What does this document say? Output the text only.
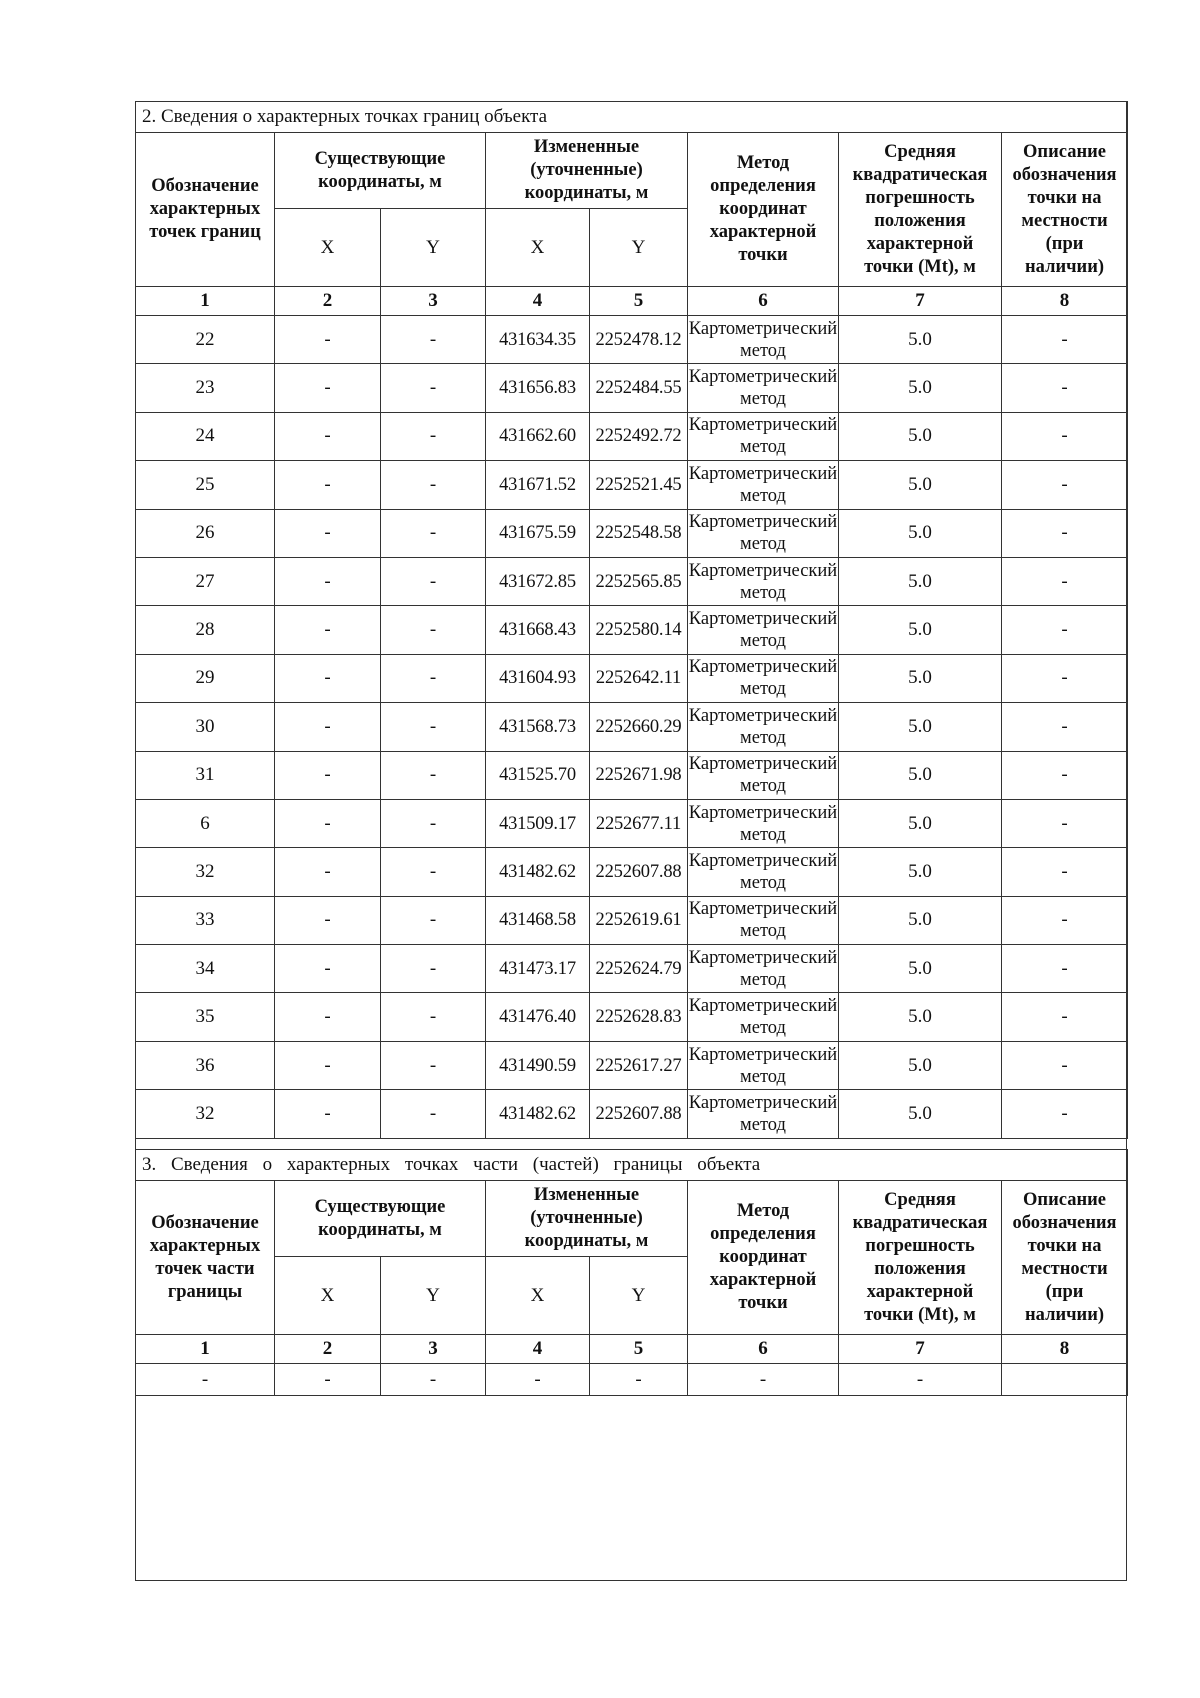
2. Сведения о характерных точках границ объекта							
Обозначение характерных точек границ	Существующие координаты, м		Измененные (уточненные) координаты, м		Метод определения координат характерной точки	Средняя квадратическая погрешность положения характерной точки (Mt), м	Описание обозначения точки на местности (при наличии)
	X	Y	X	Y			
1	2	3	4	5	6	7	8
22	-	-	431634.35	2252478.12	Картометрический метод	5.0	-
23	-	-	431656.83	2252484.55	Картометрический метод	5.0	-
24	-	-	431662.60	2252492.72	Картометрический метод	5.0	-
25	-	-	431671.52	2252521.45	Картометрический метод	5.0	-
26	-	-	431675.59	2252548.58	Картометрический метод	5.0	-
27	-	-	431672.85	2252565.85	Картометрический метод	5.0	-
28	-	-	431668.43	2252580.14	Картометрический метод	5.0	-
29	-	-	431604.93	2252642.11	Картометрический метод	5.0	-
30	-	-	431568.73	2252660.29	Картометрический метод	5.0	-
31	-	-	431525.70	2252671.98	Картометрический метод	5.0	-
6	-	-	431509.17	2252677.11	Картометрический метод	5.0	-
32	-	-	431482.62	2252607.88	Картометрический метод	5.0	-
33	-	-	431468.58	2252619.61	Картометрический метод	5.0	-
34	-	-	431473.17	2252624.79	Картометрический метод	5.0	-
35	-	-	431476.40	2252628.83	Картометрический метод	5.0	-
36	-	-	431490.59	2252617.27	Картометрический метод	5.0	-
32	-	-	431482.62	2252607.88	Картометрический метод	5.0	-
3. Сведения о характерных точках части (частей) границы объекта							
Обозначение характерных точек части границы	Существующие координаты, м		Измененные (уточненные) координаты, м		Метод определения координат характерной точки	Средняя квадратическая погрешность положения характерной точки (Mt), м	Описание обозначения точки на местности (при наличии)
	X	Y	X	Y			
1	2	3	4	5	6	7	8
-	-	-	-	-	-	-	
